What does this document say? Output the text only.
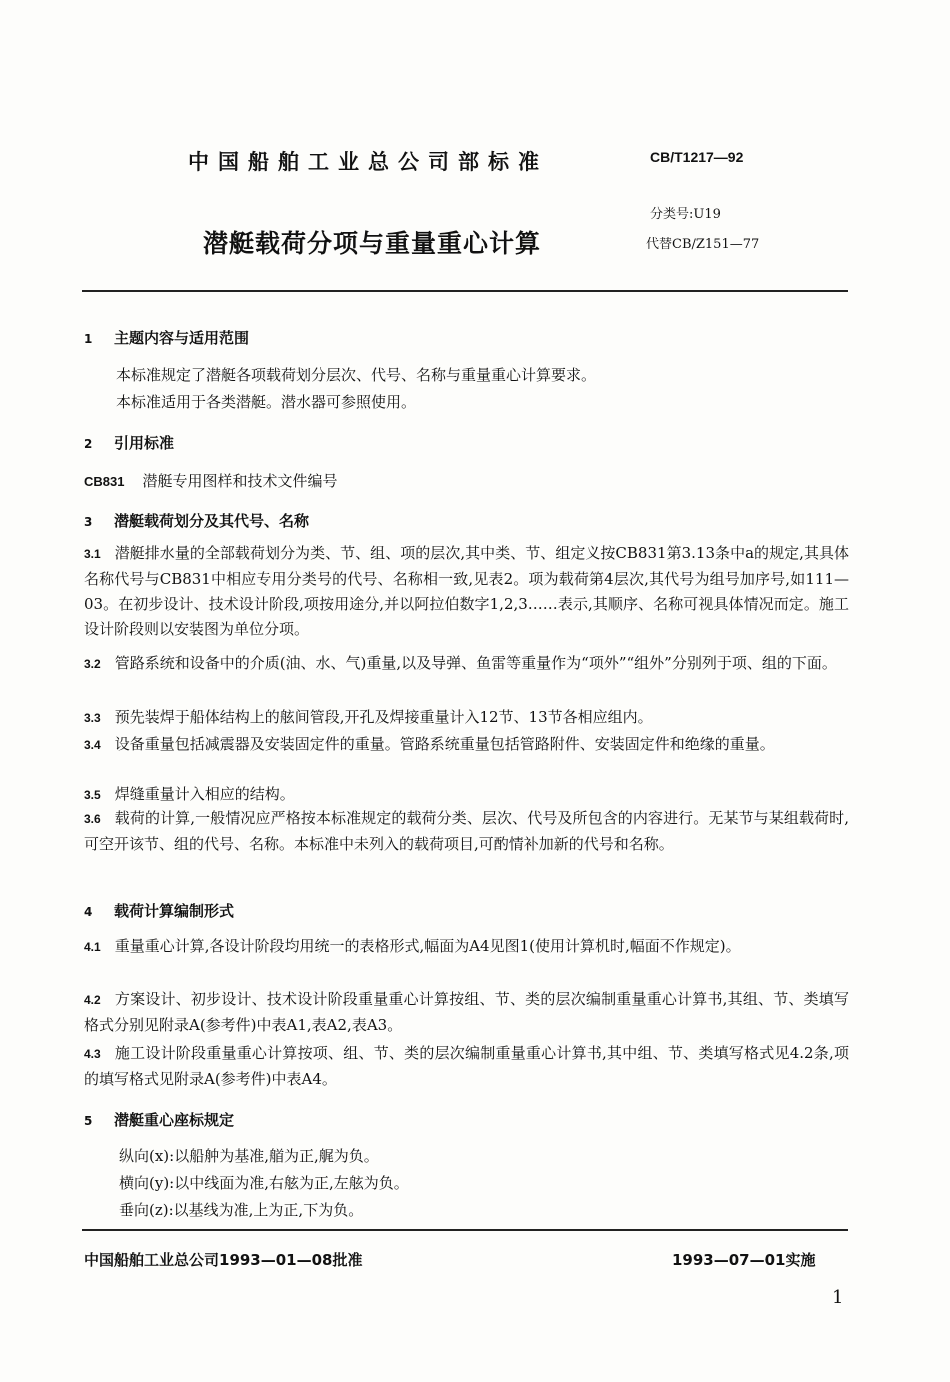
中国船舶工业总公司部标准	CB/T1217—92
分类号:U19
潜艇载荷分项与重量重心计算	代替CB/Z151—77
1 主题内容与适用范围
本标准规定了潜艇各项载荷划分层次、代号、名称与重量重心计算要求。
本标准适用于各类潜艇。潜水器可参照使用。
2 引用标准
CB831 潜艇专用图样和技术文件编号
3 潜艇载荷划分及其代号、名称
3.1 潜艇排水量的全部载荷划分为类、节、组、项的层次,其中类、节、组定义按CB831第3.13条中a的规定,其具体名称代号与CB831中相应专用分类号的代号、名称相一致,见表2。项为载荷第4层次,其代号为组号加序号,如111—03。在初步设计、技术设计阶段,项按用途分,并以阿拉伯数字1,2,3……表示,其顺序、名称可视具体情况而定。施工设计阶段则以安装图为单位分项。
3.2 管路系统和设备中的介质(油、水、气)重量,以及导弹、鱼雷等重量作为“项外”“组外”分别列于项、组的下面。
3.3 预先装焊于船体结构上的舷间管段,开孔及焊接重量计入12节、13节各相应组内。
3.4 设备重量包括减震器及安装固定件的重量。管路系统重量包括管路附件、安装固定件和绝缘的重量。
3.5 焊缝重量计入相应的结构。
3.6 载荷的计算,一般情况应严格按本标准规定的载荷分类、层次、代号及所包含的内容进行。无某节与某组载荷时,可空开该节、组的代号、名称。本标准中未列入的载荷项目,可酌情补加新的代号和名称。
4 载荷计算编制形式
4.1 重量重心计算,各设计阶段均用统一的表格形式,幅面为A4见图1(使用计算机时,幅面不作规定)。
4.2 方案设计、初步设计、技术设计阶段重量重心计算按组、节、类的层次编制重量重心计算书,其组、节、类填写格式分别见附录A(参考件)中表A1,表A2,表A3。
4.3 施工设计阶段重量重心计算按项、组、节、类的层次编制重量重心计算书,其中组、节、类填写格式见4.2条,项的填写格式见附录A(参考件)中表A4。
5 潜艇重心座标规定
纵向(x):以船舯为基准,艏为正,艉为负。
横向(y):以中线面为准,右舷为正,左舷为负。
垂向(z):以基线为准,上为正,下为负。
中国船舶工业总公司1993—01—08批准	1993—07—01实施
1
